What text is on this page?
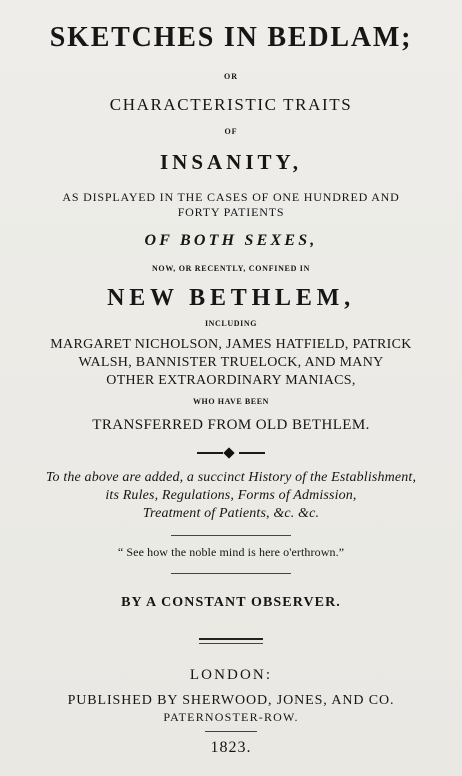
SKETCHES IN BEDLAM;
OR
CHARACTERISTIC TRAITS
OF
INSANITY,
AS DISPLAYED IN THE CASES OF ONE HUNDRED AND
FORTY PATIENTS
OF BOTH SEXES,
NOW, OR RECENTLY, CONFINED IN
NEW BETHLEM,
INCLUDING
MARGARET NICHOLSON, JAMES HATFIELD, PATRICK
WALSH, BANNISTER TRUELOCK, AND MANY
OTHER EXTRAORDINARY MANIACS,
WHO HAVE BEEN
TRANSFERRED FROM OLD BETHLEM.
To the above are added, a succinct History of the Establishment,
its Rules, Regulations, Forms of Admission,
Treatment of Patients, &c. &c.
“ See how the noble mind is here o'erthrown.”
BY A CONSTANT OBSERVER.
LONDON:
PUBLISHED BY SHERWOOD, JONES, AND CO.
PATERNOSTER-ROW.
1823.
